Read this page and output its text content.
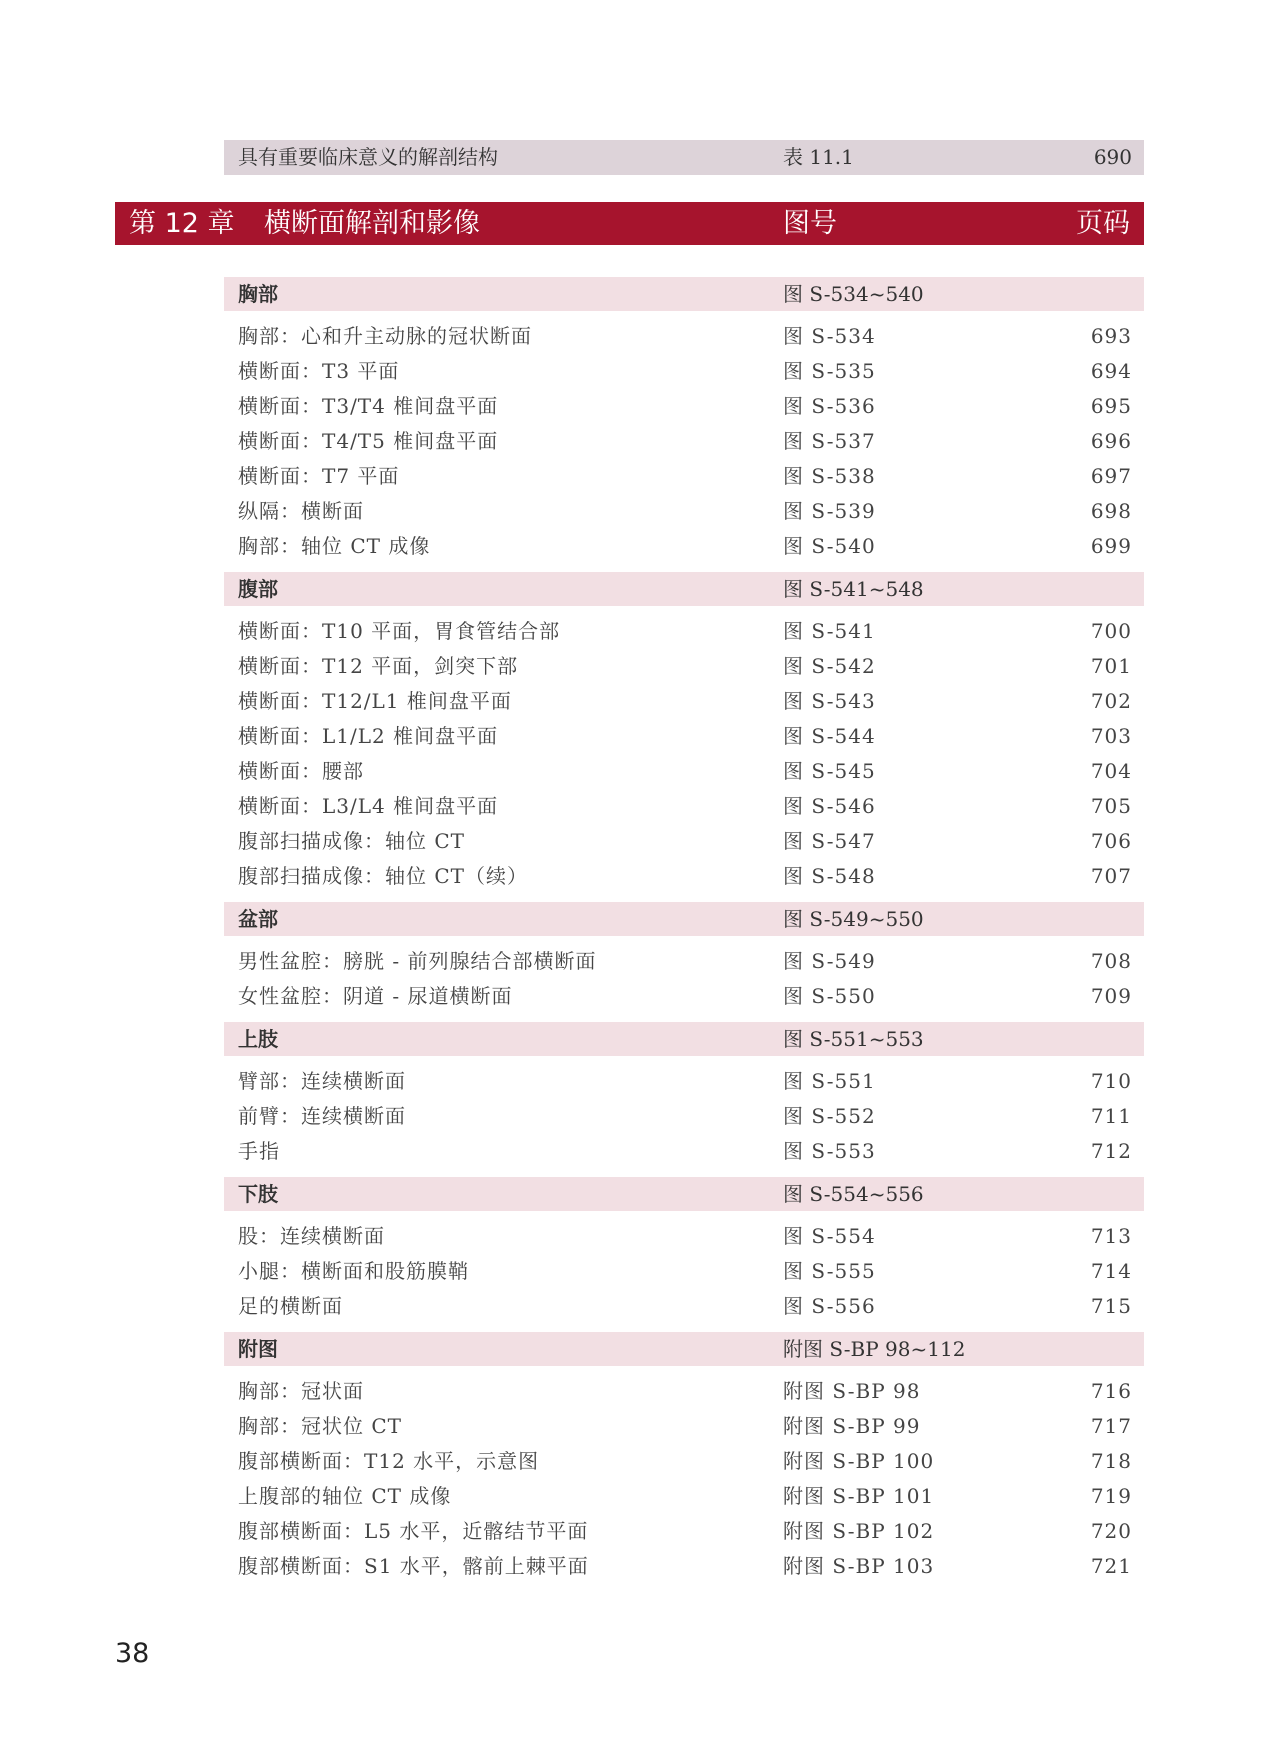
具有重要临床意义的解剖结构	表 11.1	690
第 12 章 横断面解剖和影像	图号	页码
胸部	图 S-534~540
胸部：心和升主动脉的冠状断面	图 S-534	693
横断面：T3 平面	图 S-535	694
横断面：T3/T4 椎间盘平面	图 S-536	695
横断面：T4/T5 椎间盘平面	图 S-537	696
横断面：T7 平面	图 S-538	697
纵隔：横断面	图 S-539	698
胸部：轴位 CT 成像	图 S-540	699
腹部	图 S-541~548
横断面：T10 平面，胃食管结合部	图 S-541	700
横断面：T12 平面，剑突下部	图 S-542	701
横断面：T12/L1 椎间盘平面	图 S-543	702
横断面：L1/L2 椎间盘平面	图 S-544	703
横断面：腰部	图 S-545	704
横断面：L3/L4 椎间盘平面	图 S-546	705
腹部扫描成像：轴位 CT	图 S-547	706
腹部扫描成像：轴位 CT（续）	图 S-548	707
盆部	图 S-549~550
男性盆腔：膀胱 - 前列腺结合部横断面	图 S-549	708
女性盆腔：阴道 - 尿道横断面	图 S-550	709
上肢	图 S-551~553
臂部：连续横断面	图 S-551	710
前臂：连续横断面	图 S-552	711
手指	图 S-553	712
下肢	图 S-554~556
股：连续横断面	图 S-554	713
小腿：横断面和股筋膜鞘	图 S-555	714
足的横断面	图 S-556	715
附图	附图 S-BP 98~112
胸部：冠状面	附图 S-BP 98	716
胸部：冠状位 CT	附图 S-BP 99	717
腹部横断面：T12 水平，示意图	附图 S-BP 100	718
上腹部的轴位 CT 成像	附图 S-BP 101	719
腹部横断面：L5 水平，近髂结节平面	附图 S-BP 102	720
腹部横断面：S1 水平，髂前上棘平面	附图 S-BP 103	721
38
